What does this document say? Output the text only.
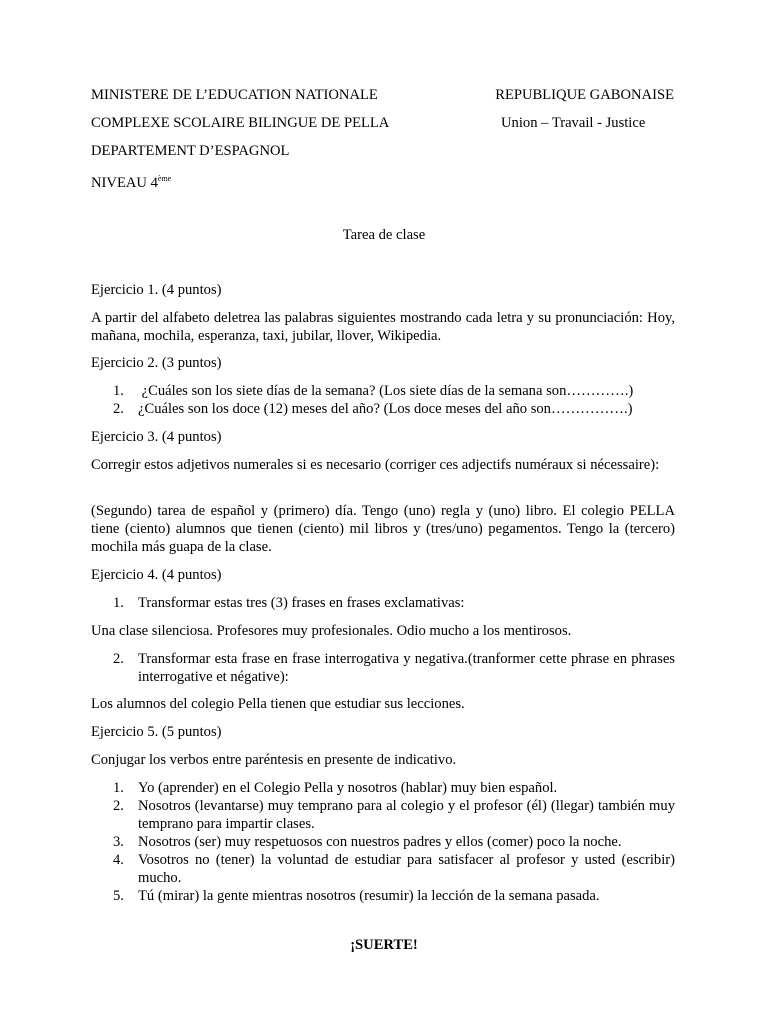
MINISTERE DE L’EDUCATION NATIONALE	REPUBLIQUE GABONAISE
COMPLEXE SCOLAIRE BILINGUE DE PELLA	Union – Travail - Justice
DEPARTEMENT D’ESPAGNOL
NIVEAU 4ème
Tarea de clase
Ejercicio 1. (4 puntos)
A partir del alfabeto deletrea las palabras siguientes mostrando cada letra y su pronunciación: Hoy, mañana, mochila, esperanza, taxi, jubilar, llover, Wikipedia.
Ejercicio 2. (3 puntos)
1. ¿Cuáles son los siete días de la semana? (Los siete días de la semana son………….)
2. ¿Cuáles son los doce (12) meses del año? (Los doce meses del año son…………….)
Ejercicio 3. (4 puntos)
Corregir estos adjetivos numerales si es necesario (corriger ces adjectifs numéraux si nécessaire):
(Segundo) tarea de español y (primero) día. Tengo (uno) regla y (uno) libro. El colegio PELLA tiene (ciento) alumnos que tienen (ciento) mil libros y (tres/uno) pegamentos. Tengo la (tercero) mochila más guapa de la clase.
Ejercicio 4. (4 puntos)
1. Transformar estas tres (3) frases en frases exclamativas:
Una clase silenciosa. Profesores muy profesionales. Odio mucho a los mentirosos.
2. Transformar esta frase en frase interrogativa y negativa.(tranformer cette phrase en phrases interrogative et négative):
Los alumnos del colegio Pella tienen que estudiar sus lecciones.
Ejercicio 5. (5 puntos)
Conjugar los verbos entre paréntesis en presente de indicativo.
1. Yo (aprender) en el Colegio Pella y nosotros (hablar) muy bien español.
2. Nosotros (levantarse) muy temprano para al colegio y el profesor (él) (llegar) también muy temprano para impartir clases.
3. Nosotros (ser) muy respetuosos con nuestros padres y ellos (comer) poco la noche.
4. Vosotros no (tener) la voluntad de estudiar para satisfacer al profesor y usted (escribir) mucho.
5. Tú (mirar) la gente mientras nosotros (resumir) la lección de la semana pasada.
¡SUERTE!
